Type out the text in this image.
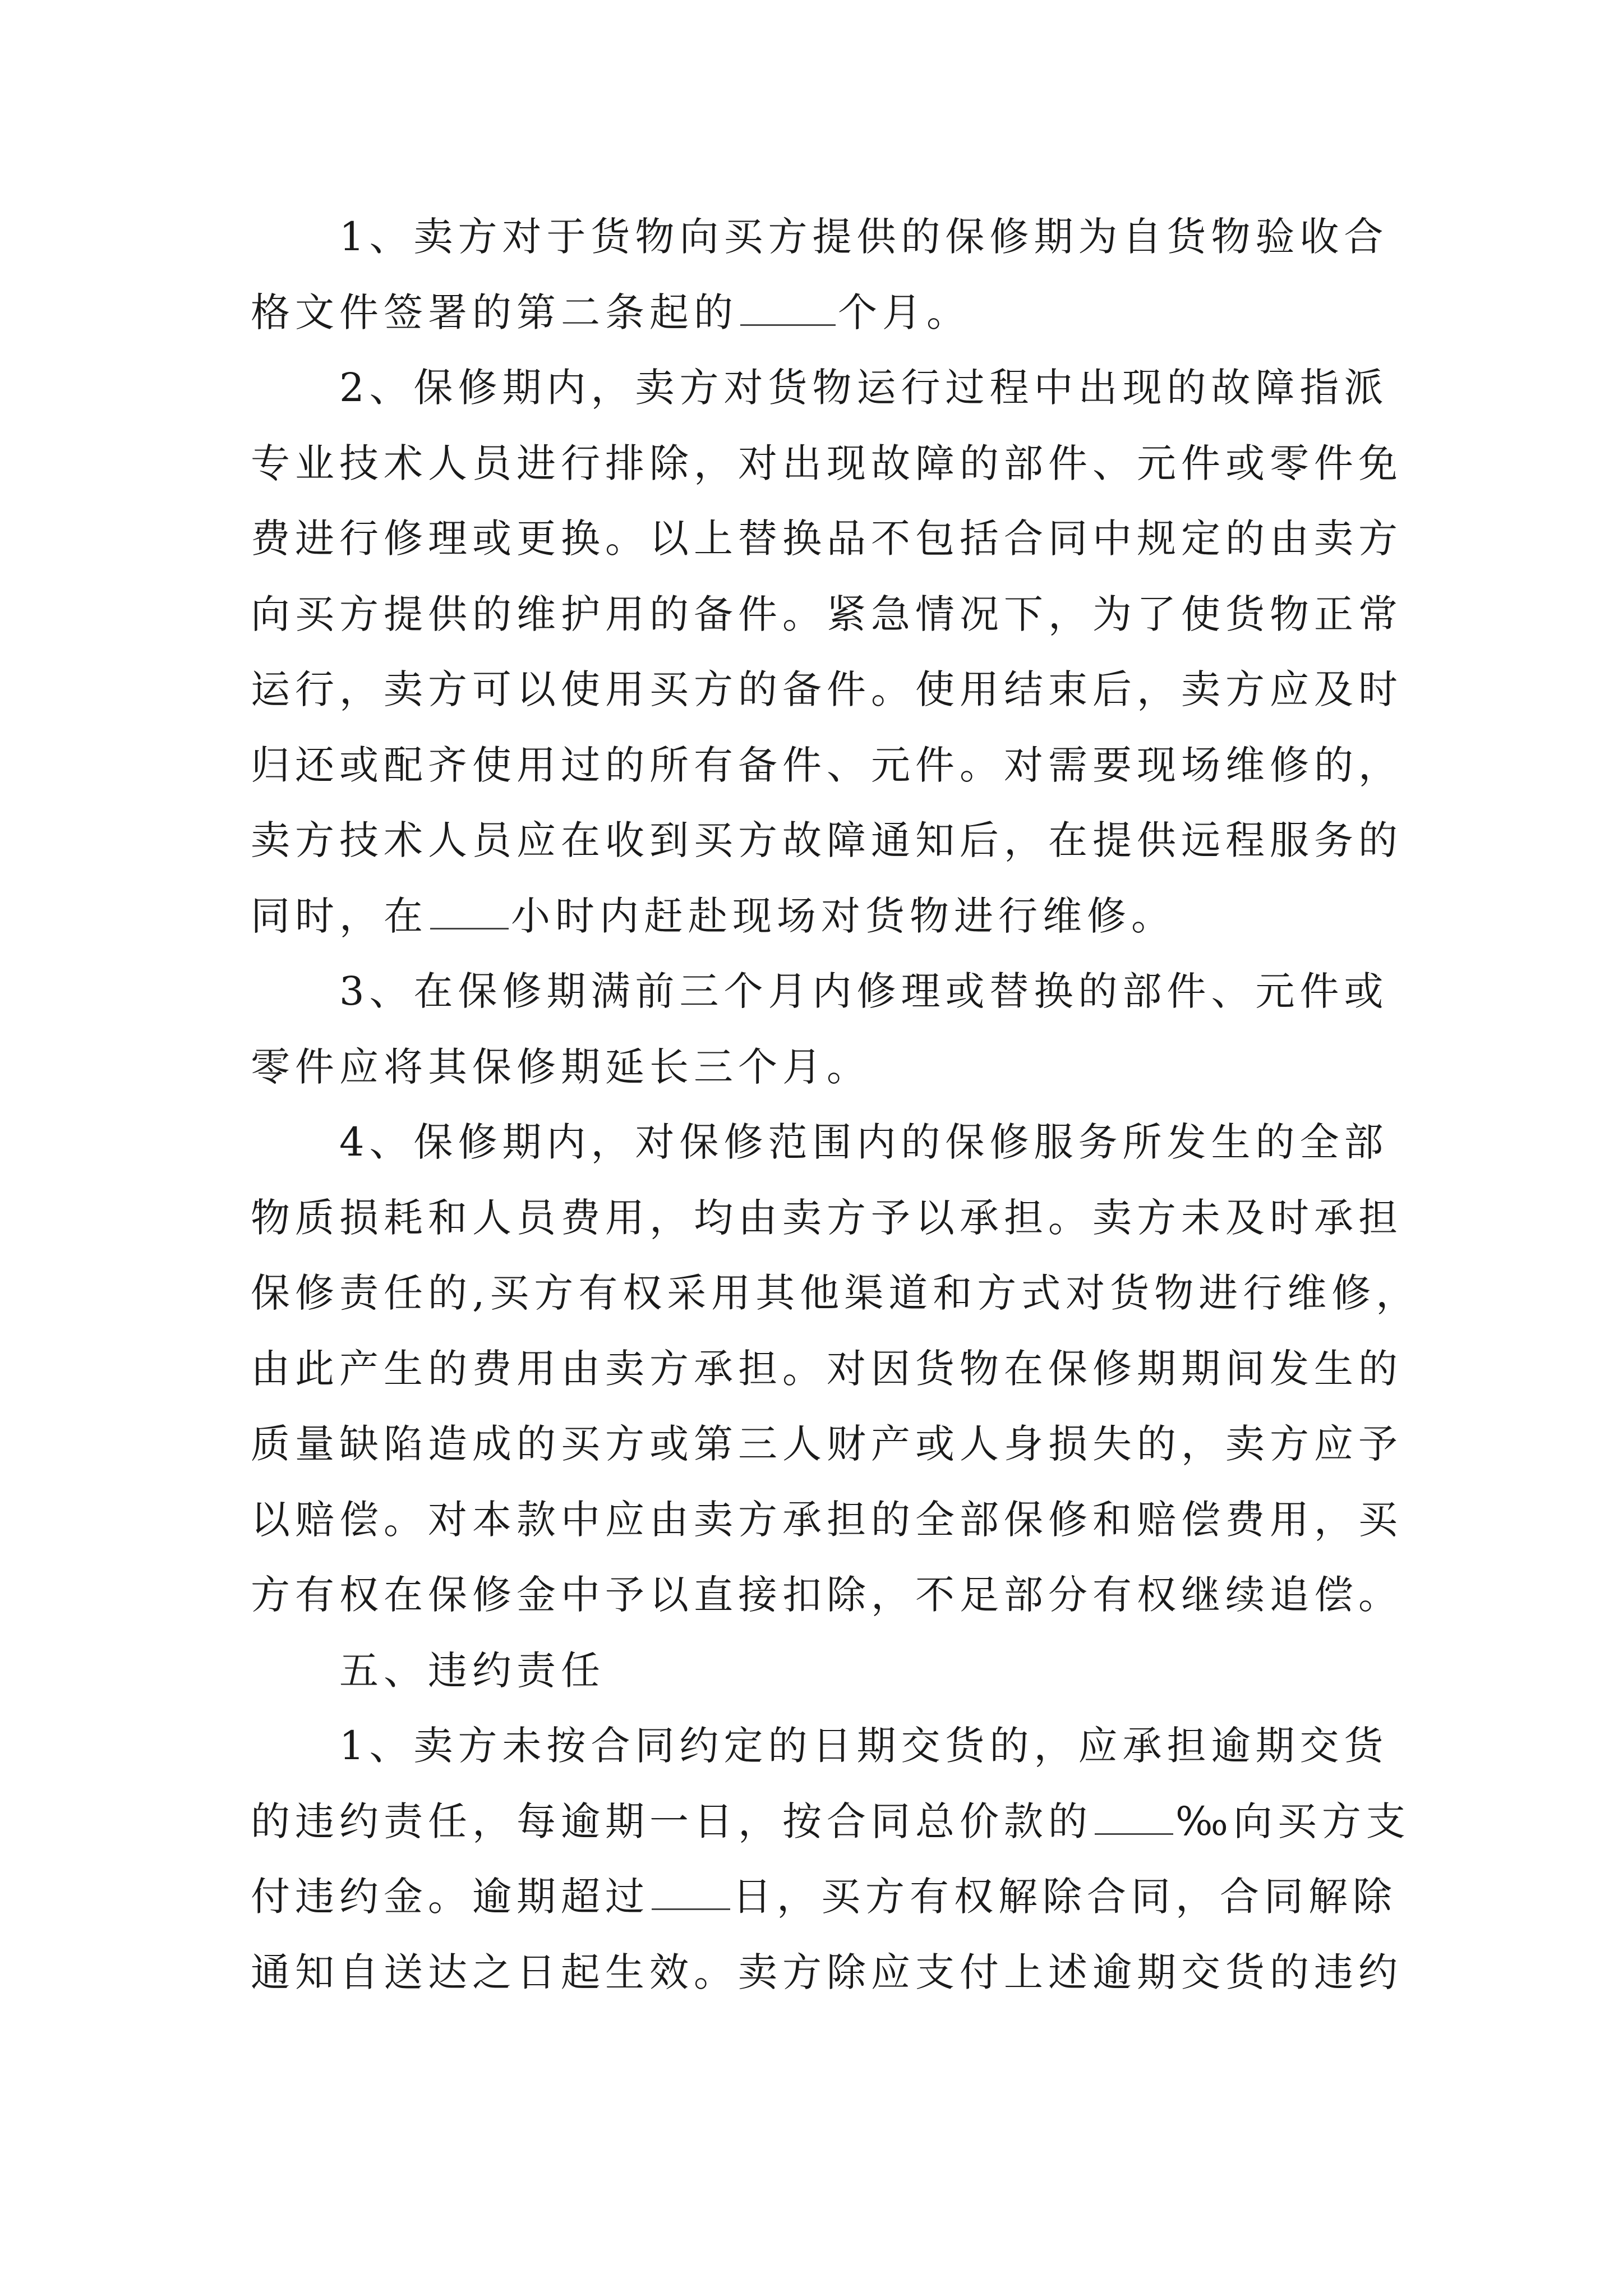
1、卖方对于货物向买方提供的保修期为自货物验收合
格文件签署的第二条起的	个月。
2、保修期内，卖方对货物运行过程中出现的故障指派
专业技术人员进行排除，对出现故障的部件、元件或零件免
费进行修理或更换。以上替换品不包括合同中规定的由卖方
向买方提供的维护用的备件。紧急情况下，为了使货物正常
运行，卖方可以使用买方的备件。使用结束后，卖方应及时
归还或配齐使用过的所有备件、元件。对需要现场维修的，
卖方技术人员应在收到买方故障通知后，在提供远程服务的
同时，在 小时内赶赴现场对货物进行维修。
3、在保修期满前三个月内修理或替换的部件、元件或
零件应将其保修期延长三个月。
4、保修期内，对保修范围内的保修服务所发生的全部
物质损耗和人员费用，均由卖方予以承担。卖方未及时承担
保修责任的,买方有权采用其他渠道和方式对货物进行维修，
由此产生的费用由卖方承担。对因货物在保修期期间发生的
质量缺陷造成的买方或第三人财产或人身损失的，卖方应予
以赔偿。对本款中应由卖方承担的全部保修和赔偿费用，买
方有权在保修金中予以直接扣除，不足部分有权继续追偿。
五、违约责任
1、卖方未按合同约定的日期交货的，应承担逾期交货
的违约责任，每逾期一日，按合同总价款的 ‰向买方支
付违约金。逾期超过 日，买方有权解除合同，合同解除
通知自送达之日起生效。卖方除应支付上述逾期交货的违约
